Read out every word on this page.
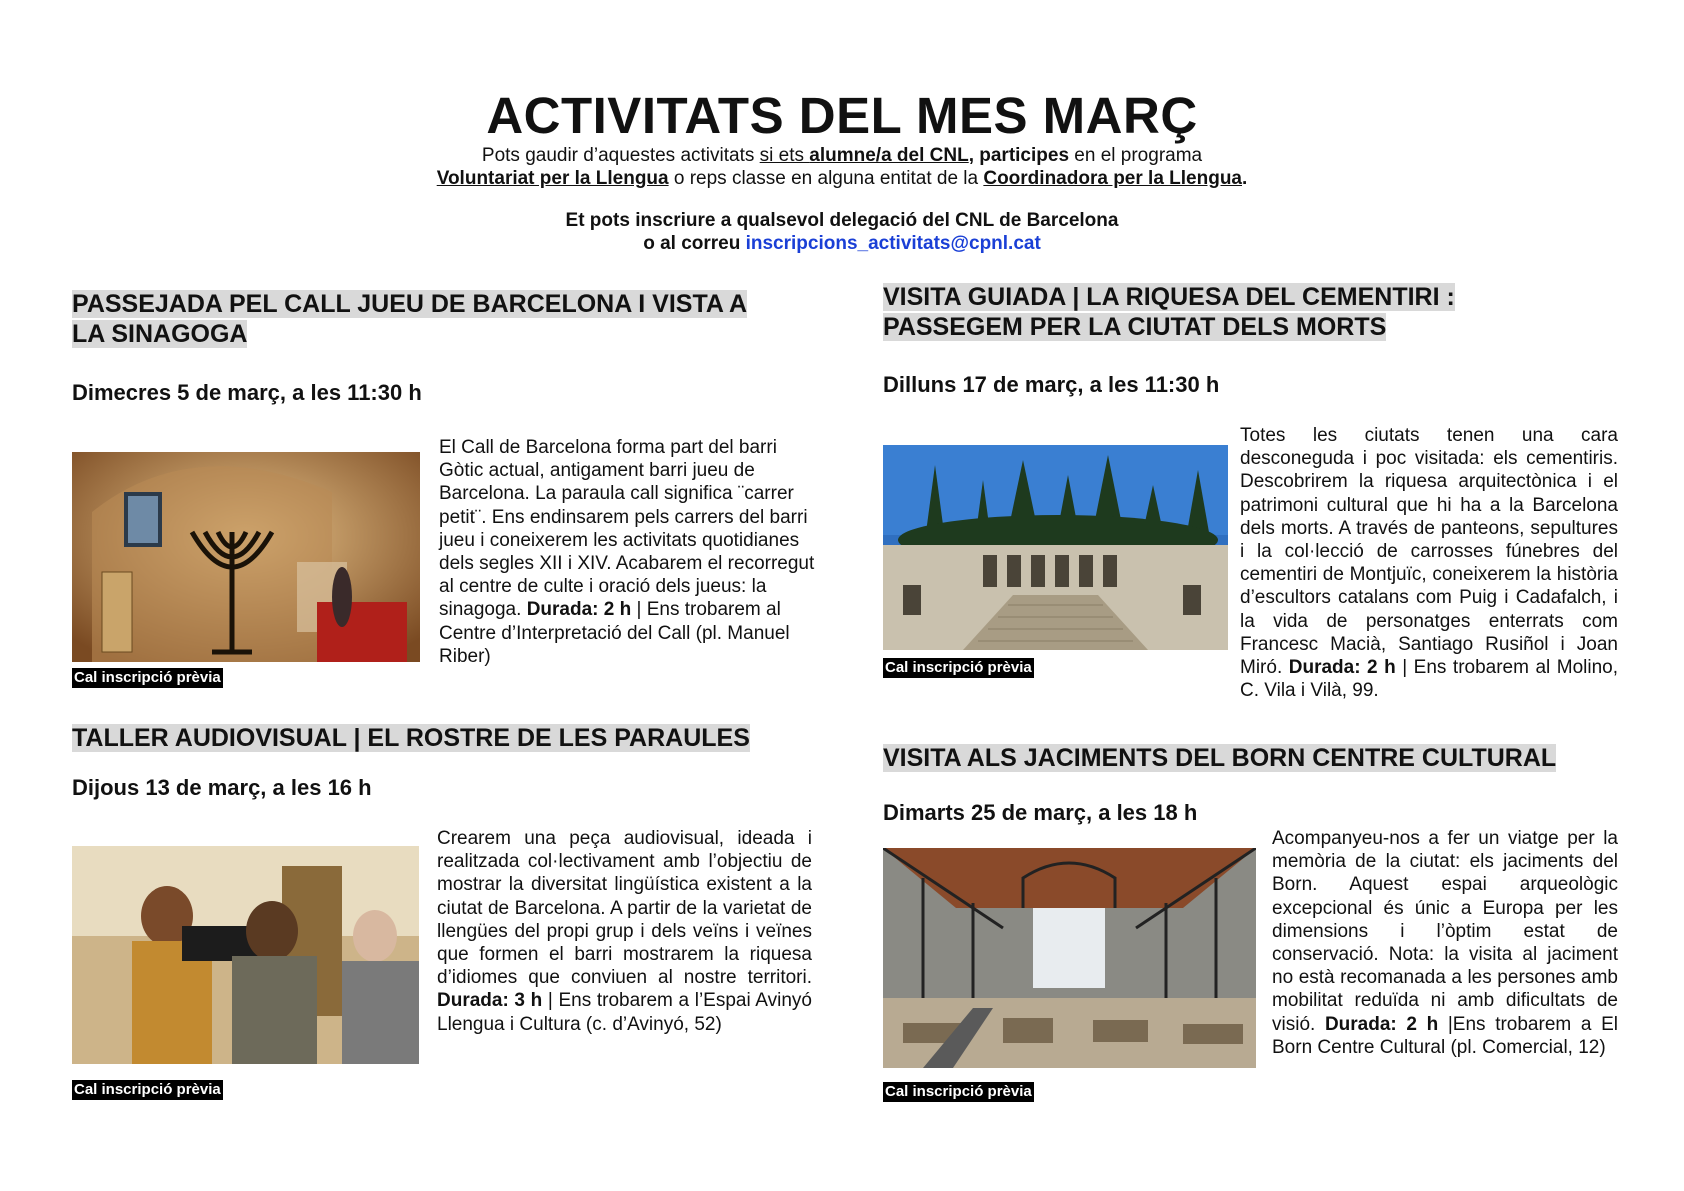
ACTIVITATS DEL MES MARÇ
Pots gaudir d’aquestes activitats si ets alumne/a del CNL, participes en el programa
Voluntariat per la Llengua o reps classe en alguna entitat de la Coordinadora per la Llengua.
Et pots inscriure a qualsevol delegació del CNL de Barcelona
o al correu inscripcions_activitats@cpnl.cat
PASSEJADA PEL CALL JUEU DE BARCELONA I VISTA A
LA SINAGOGA
Dimecres 5 de març, a les 11:30 h
Cal inscripció prèvia
El Call de Barcelona forma part del barri Gòtic actual, antigament barri jueu de Barcelona. La paraula call significa ¨carrer petit¨. Ens endinsarem pels carrers del barri jueu i coneixerem les activitats quotidianes dels segles XII i XIV. Acabarem el recorregut al centre de culte i oració dels jueus: la sinagoga. Durada: 2 h | Ens trobarem al Centre d’Interpretació del Call (pl. Manuel Riber)
TALLER AUDIOVISUAL | EL ROSTRE DE LES PARAULES
Dijous 13 de març, a les 16 h
Cal inscripció prèvia
Crearem una peça audiovisual, ideada i realitzada col·lectivament amb l’objectiu de mostrar la diversitat lingüística existent a la ciutat de Barcelona. A partir de la varietat de llengües del propi grup i dels veïns i veïnes que formen el barri mostrarem la riquesa d’idiomes que conviuen al nostre territori. Durada: 3 h | Ens trobarem a l’Espai Avinyó Llengua i Cultura (c. d’Avinyó, 52)
VISITA GUIADA | LA RIQUESA DEL CEMENTIRI :
PASSEGEM PER LA CIUTAT DELS MORTS
Dilluns 17 de març, a les 11:30 h
Cal inscripció prèvia
Totes les ciutats tenen una cara desconeguda i poc visitada: els cementiris. Descobrirem la riquesa arquitectònica i el patrimoni cultural que hi ha a la Barcelona dels morts. A través de panteons, sepultures i la col·lecció de carrosses fúnebres del cementiri de Montjuïc, coneixerem la història d’escultors catalans com Puig i Cadafalch, i la vida de personatges enterrats com Francesc Macià, Santiago Rusiñol i Joan Miró. Durada: 2 h | Ens trobarem al Molino, C. Vila i Vilà, 99.
VISITA ALS JACIMENTS DEL BORN CENTRE CULTURAL
Dimarts 25 de març, a les 18 h
Cal inscripció prèvia
Acompanyeu-nos a fer un viatge per la memòria de la ciutat: els jaciments del Born. Aquest espai arqueològic excepcional és únic a Europa per les dimensions i l’òptim estat de conservació. Nota: la visita al jaciment no està recomanada a les persones amb mobilitat reduïda ni amb dificultats de visió. Durada: 2 h |Ens trobarem a El Born Centre Cultural (pl. Comercial, 12)
